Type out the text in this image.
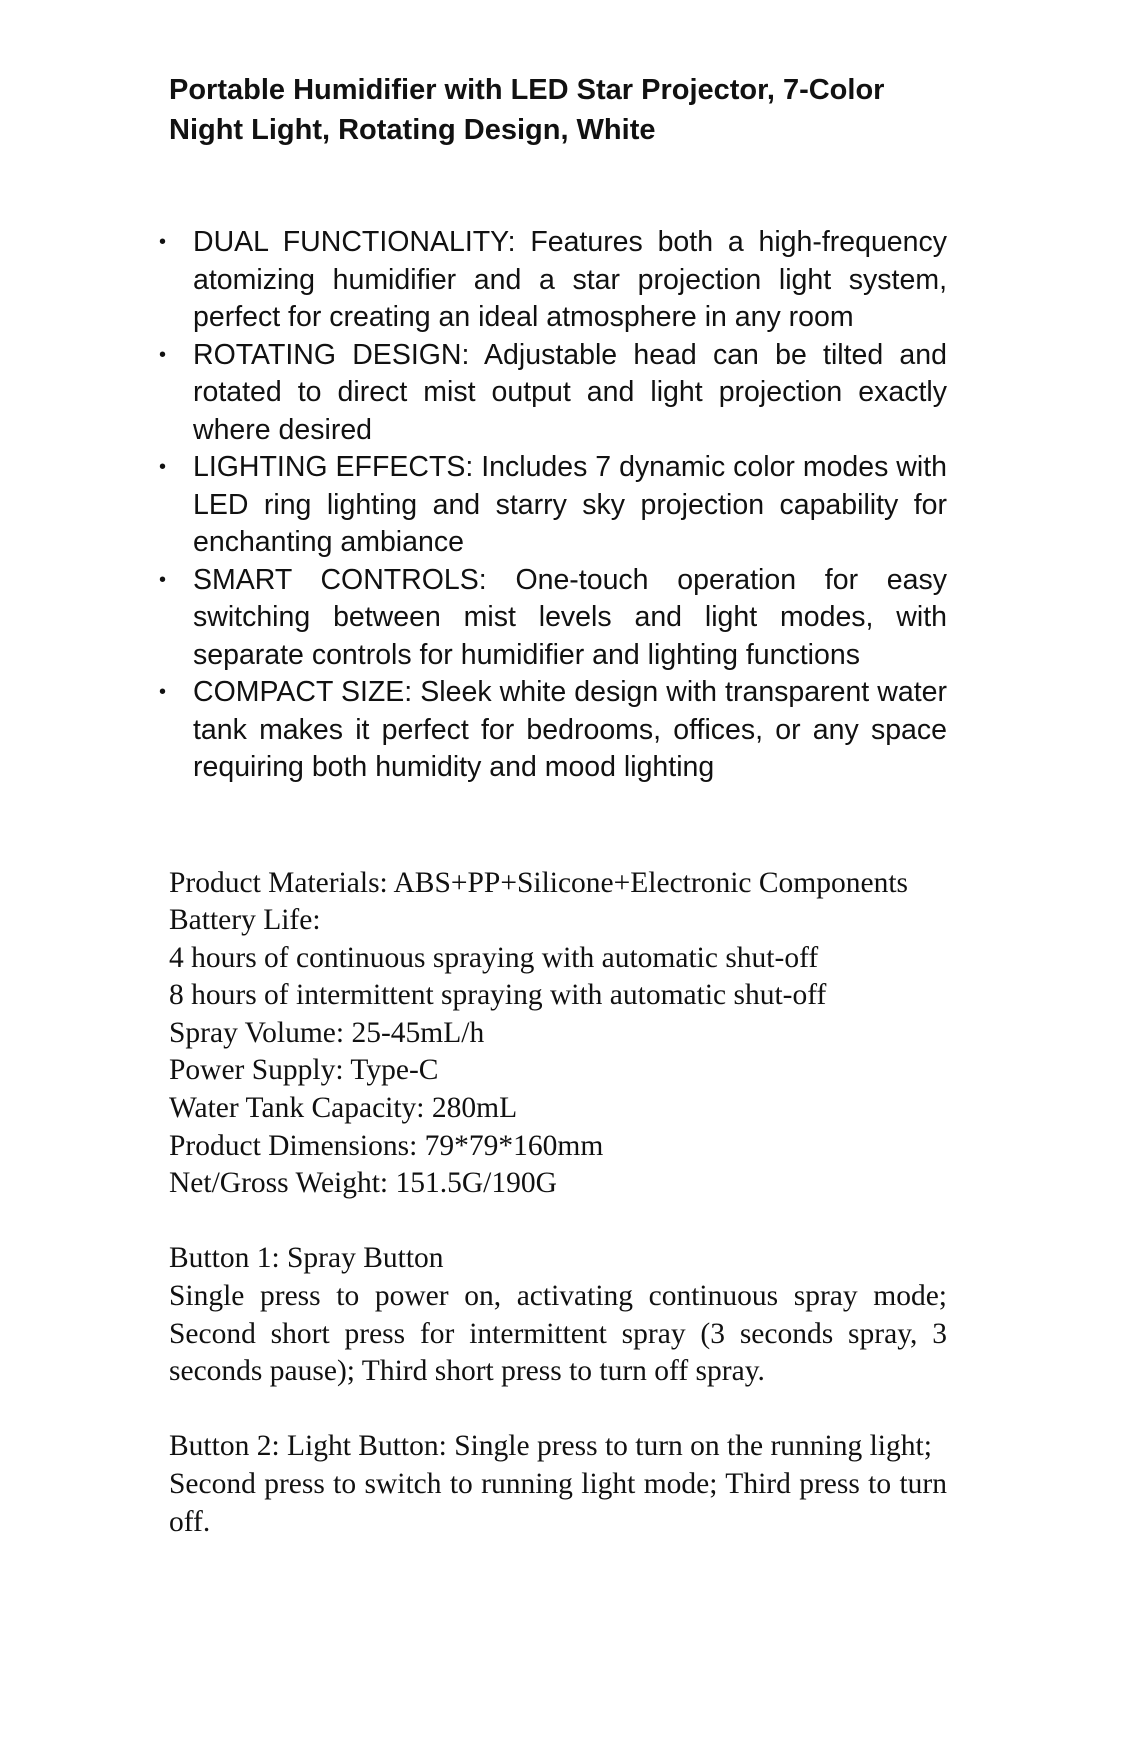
Portable Humidifier with LED Star Projector, 7-Color Night Light, Rotating Design, White
• DUAL FUNCTIONALITY: Features both a high-frequency atomizing humidifier and a star projection light system, perfect for creating an ideal atmosphere in any room
• ROTATING DESIGN: Adjustable head can be tilted and rotated to direct mist output and light projection exactly where desired
• LIGHTING EFFECTS: Includes 7 dynamic color modes with LED ring lighting and starry sky projection capability for enchanting ambiance
• SMART CONTROLS: One-touch operation for easy switching between mist levels and light modes, with separate controls for humidifier and lighting functions
• COMPACT SIZE: Sleek white design with transparent water tank makes it perfect for bedrooms, offices, or any space requiring both humidity and mood lighting

Product Materials: ABS+PP+Silicone+Electronic Components

Battery Life:

4 hours of continuous spraying with automatic shut-off

8 hours of intermittent spraying with automatic shut-off

Spray Volume: 25-45mL/h

Power Supply: Type-C

Water Tank Capacity: 280mL

Product Dimensions: 79*79*160mm

Net/Gross Weight: 151.5G/190G

Button 1: Spray Button

Single press to power on, activating continuous spray mode; Second short press for intermittent spray (3 seconds spray, 3 seconds pause); Third short press to turn off spray.

Button 2: Light Button: Single press to turn on the running light;

Second press to switch to running light mode; Third press to turn off.
